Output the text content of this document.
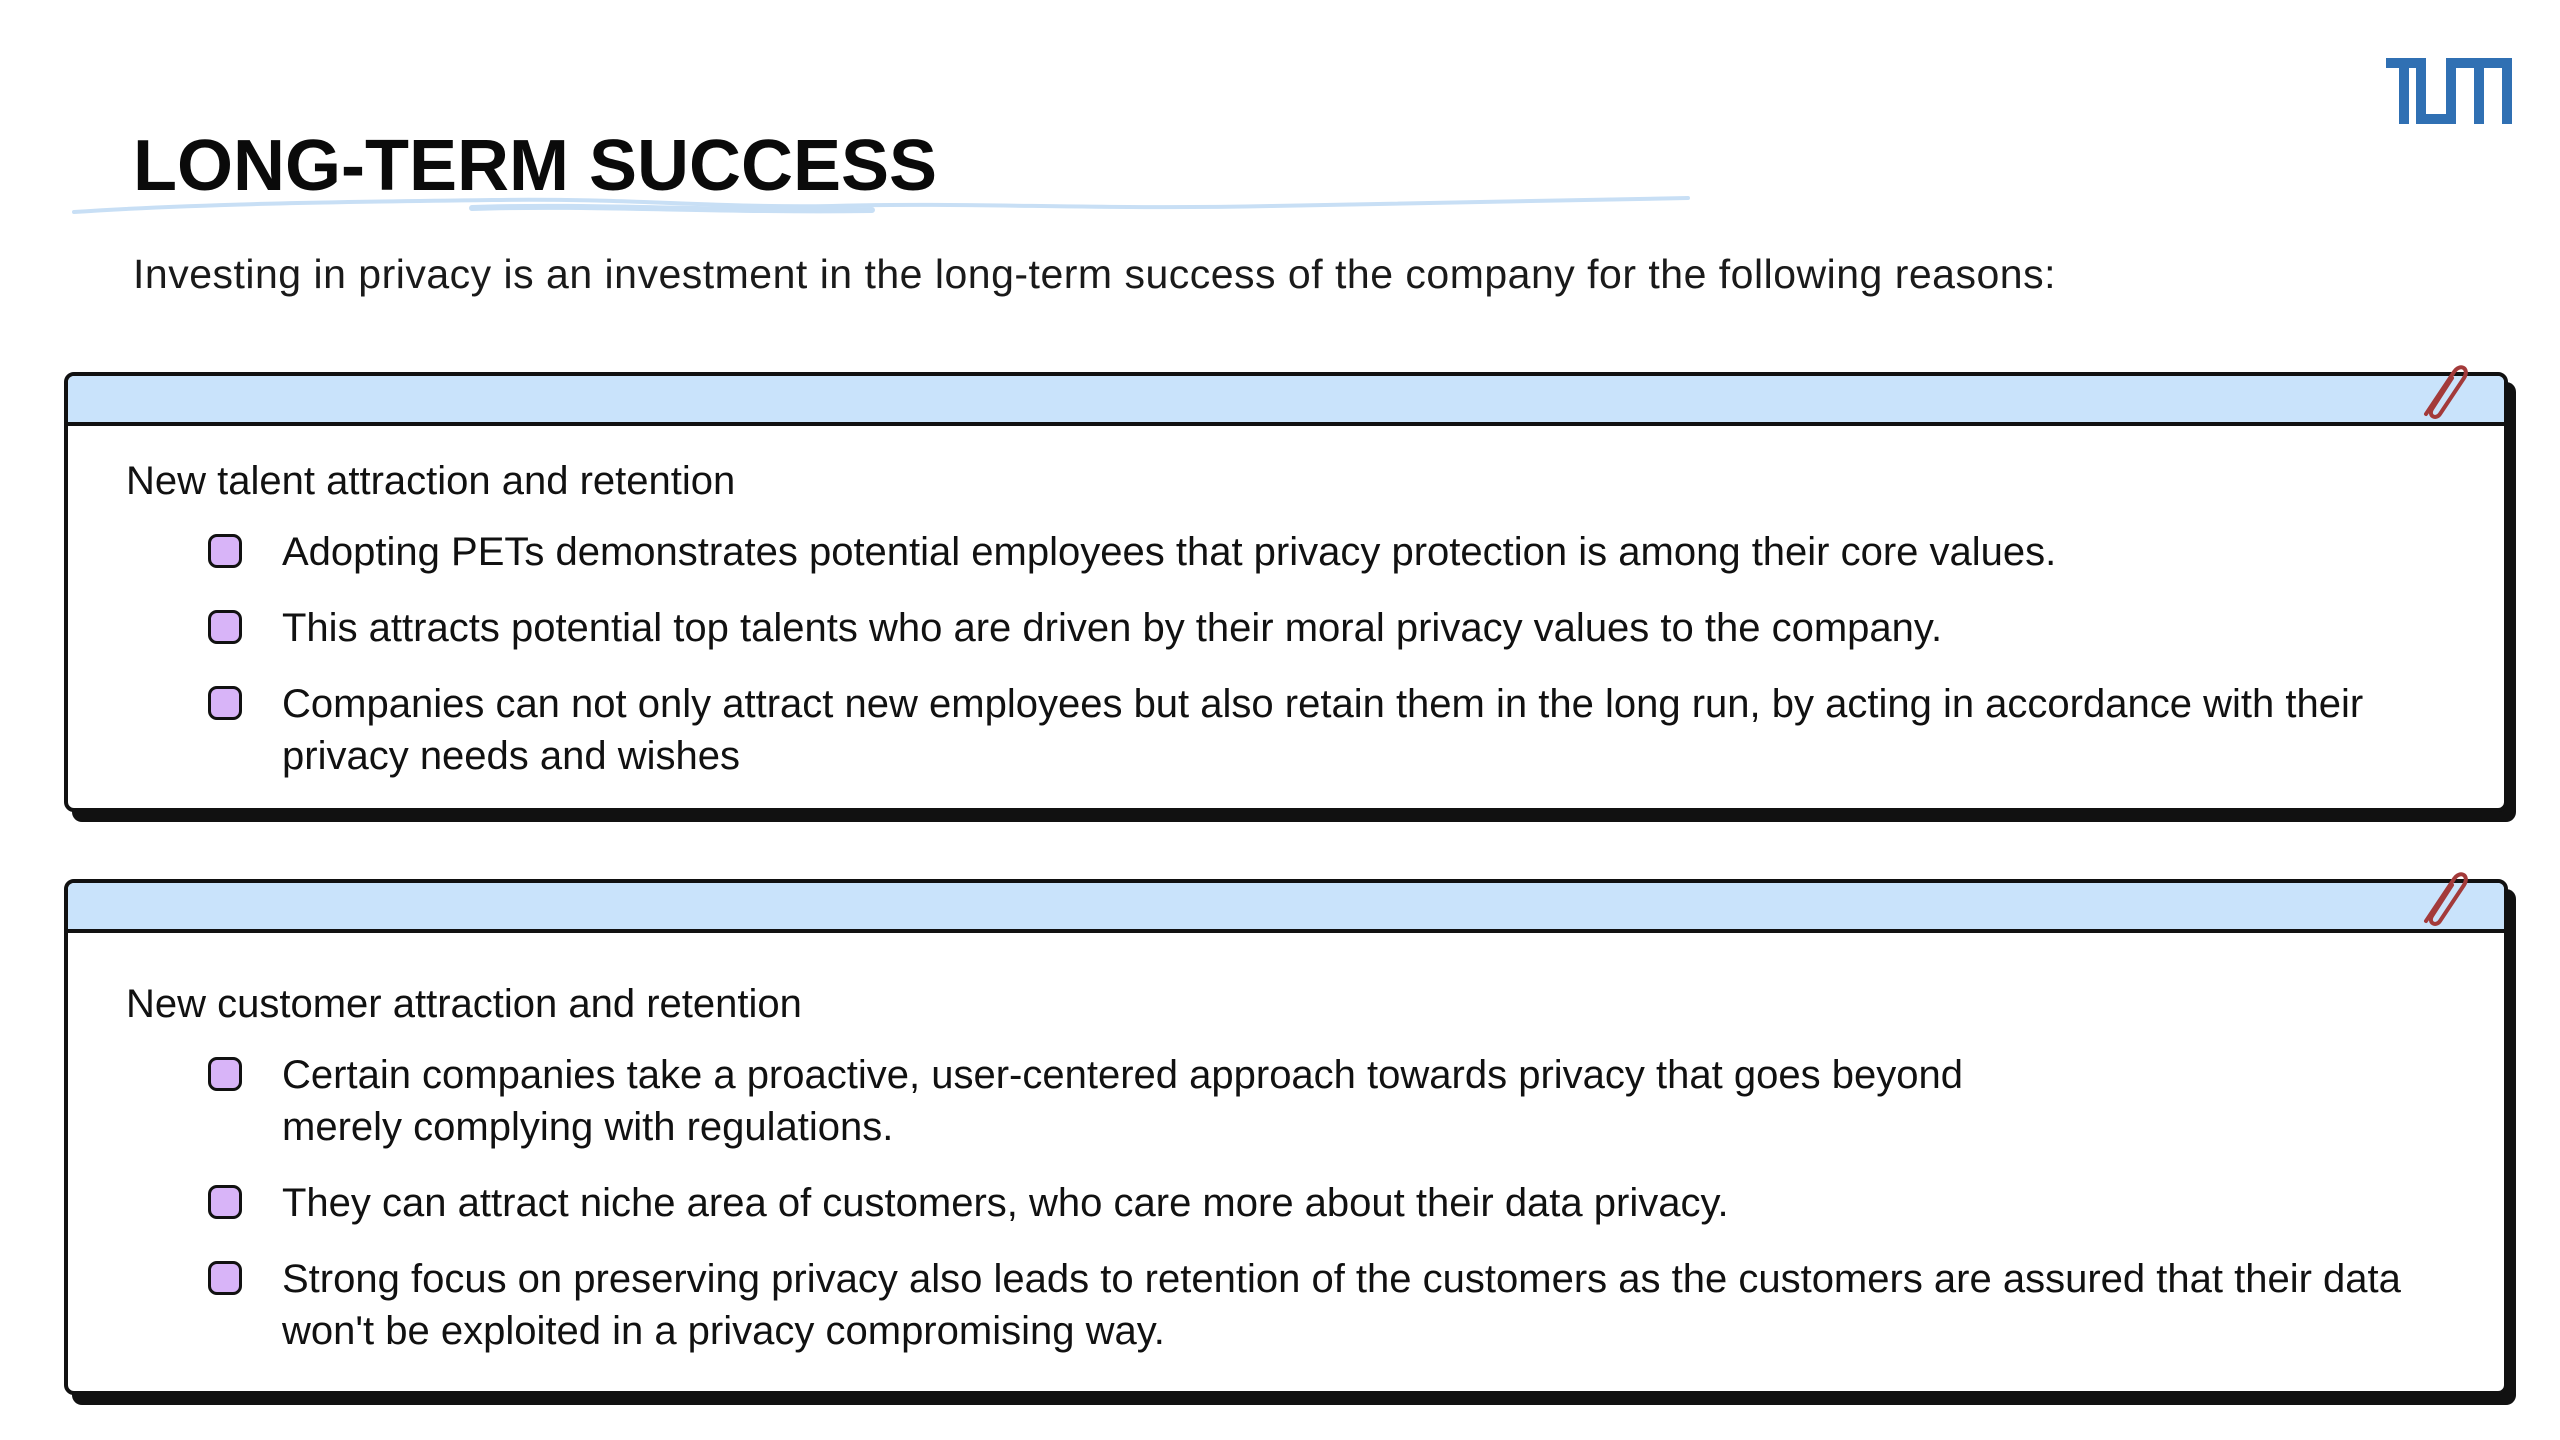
LONG-TERM SUCCESS

Investing in privacy is an investment in the long-term success of the company for the following reasons:

New talent attraction and retention

Adopting PETs demonstrates potential employees that privacy protection is among their core values.
This attracts potential top talents who are driven by their moral privacy values to the company.
Companies can not only attract new employees but also retain them in the long run, by acting in accordance with their privacy needs and wishes

New customer attraction and retention

Certain companies take a proactive, user-centered approach towards privacy that goes beyond merely complying with regulations.
They can attract niche area of customers, who care more about their data privacy.
Strong focus on preserving privacy also leads to retention of the customers as the customers are assured that their data won't be exploited in a privacy compromising way.
